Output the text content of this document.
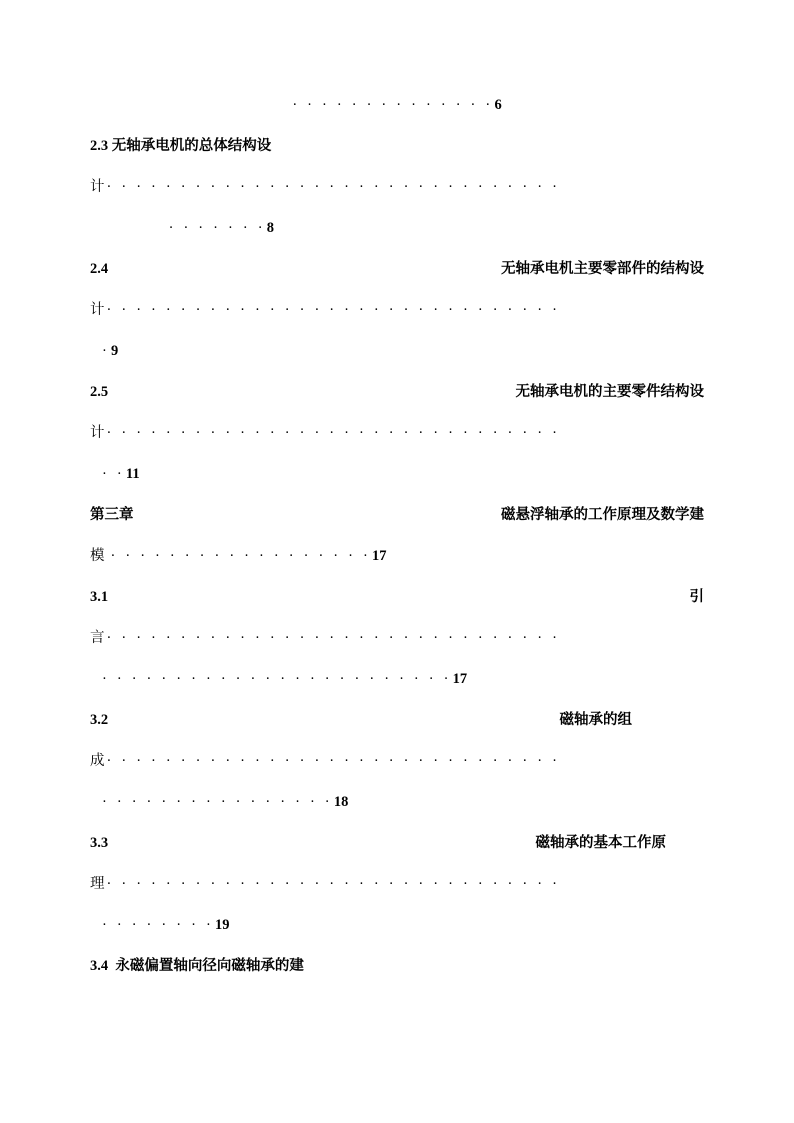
· · · · · · · · · · · · · · 6
2.3 无轴承电机的总体结构设
计 · · · · · · · · · · · · · · · · · · · · · · · · · · · · · · ·
· · · · · · · 8
2.4	无轴承电机主要零部件的结构设
计 · · · · · · · · · · · · · · · · · · · · · · · · · · · · · · ·
· 9
2.5	无轴承电机的主要零件结构设
计 · · · · · · · · · · · · · · · · · · · · · · · · · · · · · · ·
· · 11
第三章	磁悬浮轴承的工作原理及数学建
模 · · · · · · · · · · · · · · · · · · 17
3.1	引
言 · · · · · · · · · · · · · · · · · · · · · · · · · · · · · · ·
· · · · · · · · · · · · · · · · · · · · · · · · 17
3.2	磁轴承的组
成 · · · · · · · · · · · · · · · · · · · · · · · · · · · · · · ·
· · · · · · · · · · · · · · · · 18
3.3	磁轴承的基本工作原
理 · · · · · · · · · · · · · · · · · · · · · · · · · · · · · · ·
· · · · · · · · 19
3.4  永磁偏置轴向径向磁轴承的建
